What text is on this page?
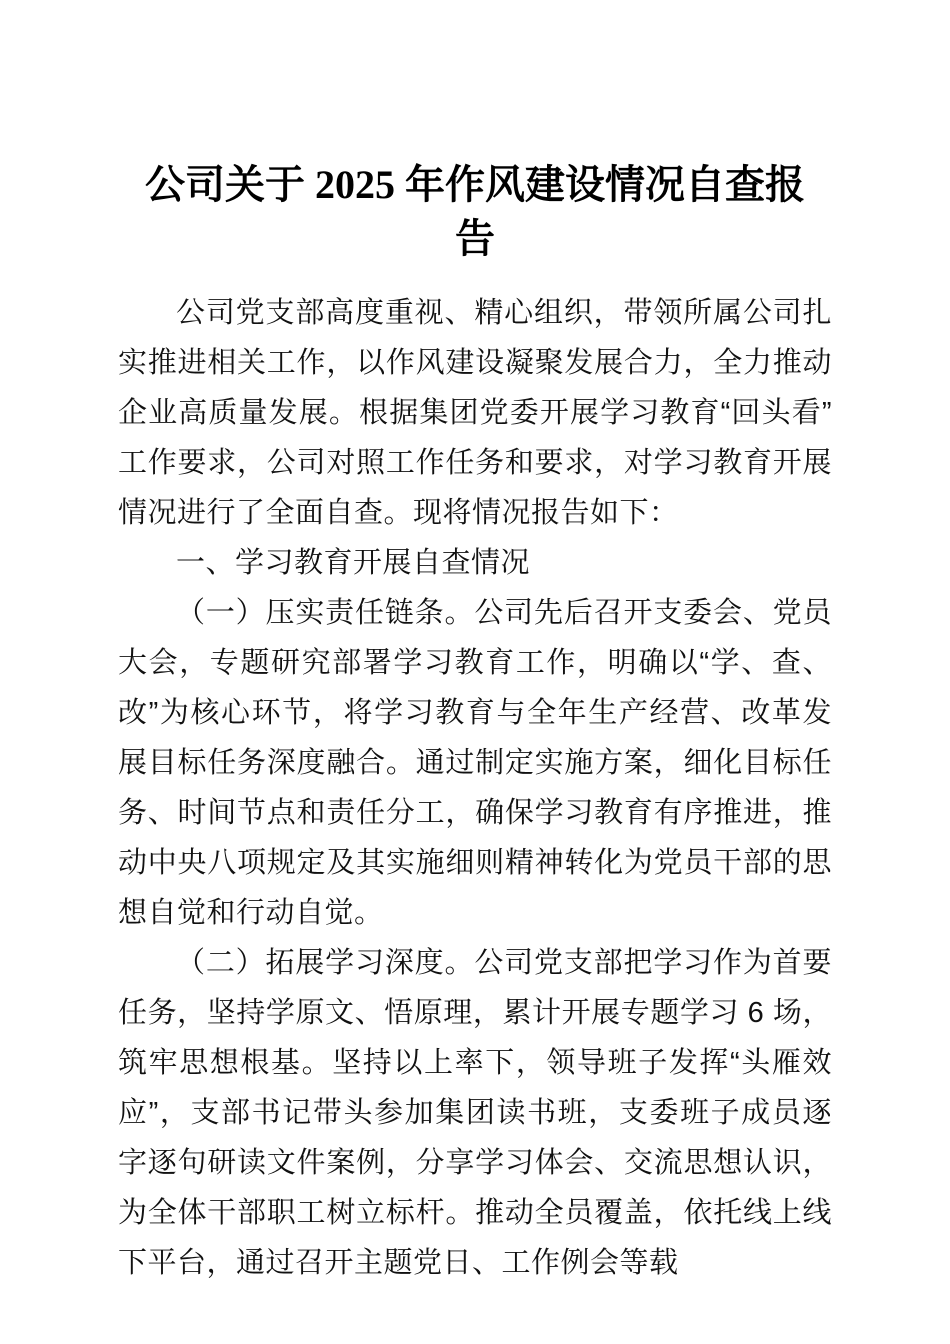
公司关于 2025 年作风建设情况自查报告

公司党支部高度重视、精心组织，带领所属公司扎实推进相关工作，以作风建设凝聚发展合力，全力推动企业高质量发展。根据集团党委开展学习教育“回头看”工作要求，公司对照工作任务和要求，对学习教育开展情况进行了全面自查。现将情况报告如下：

一、学习教育开展自查情况

（一）压实责任链条。公司先后召开支委会、党员大会，专题研究部署学习教育工作，明确以“学、查、改”为核心环节，将学习教育与全年生产经营、改革发展目标任务深度融合。通过制定实施方案，细化目标任务、时间节点和责任分工，确保学习教育有序推进，推动中央八项规定及其实施细则精神转化为党员干部的思想自觉和行动自觉。

（二）拓展学习深度。公司党支部把学习作为首要任务，坚持学原文、悟原理，累计开展专题学习 6 场，筑牢思想根基。坚持以上率下，领导班子发挥“头雁效应”，支部书记带头参加集团读书班，支委班子成员逐字逐句研读文件案例，分享学习体会、交流思想认识，为全体干部职工树立标杆。推动全员覆盖，依托线上线下平台，通过召开主题党日、工作例会等载
